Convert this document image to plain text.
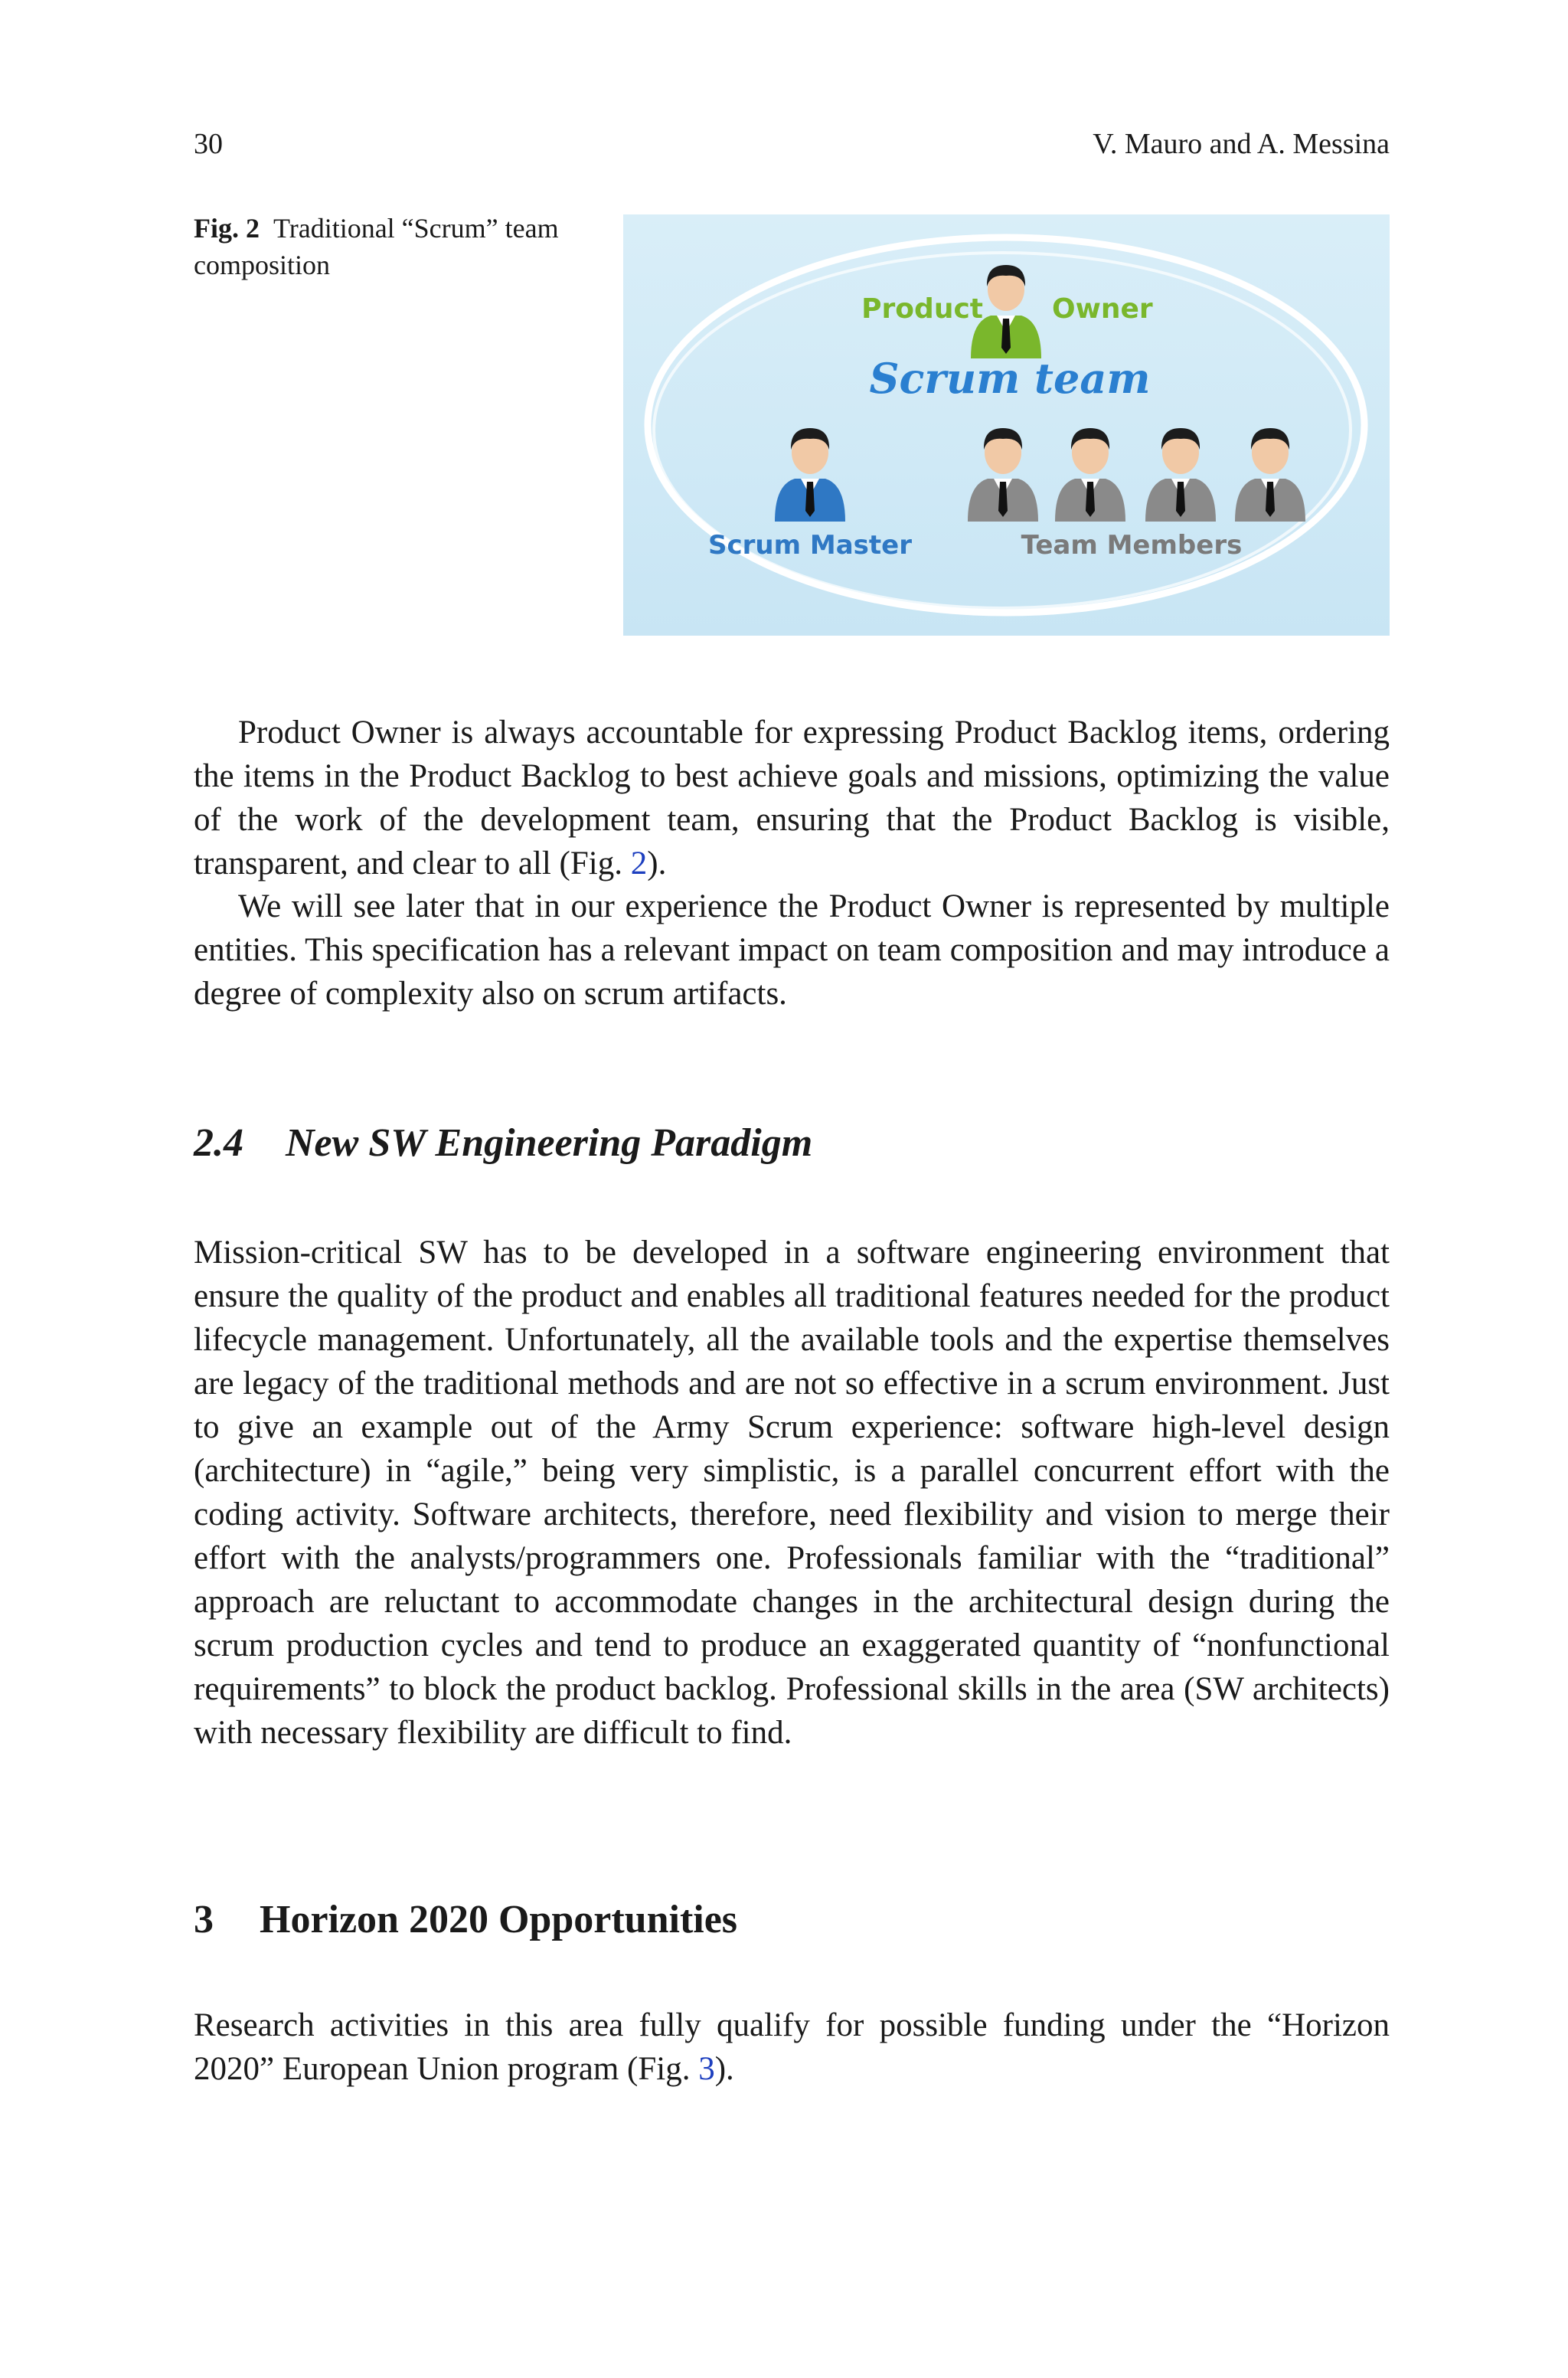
30	V. Mauro and A. Messina
Fig. 2 Traditional “Scrum” team composition
Product	Owner
Scrum team
Scrum Master	Team Members

Product Owner is always accountable for expressing Product Backlog items, ordering the items in the Product Backlog to best achieve goals and missions, optimizing the value of the work of the development team, ensuring that the Product Backlog is visible, transparent, and clear to all (Fig. 2).

We will see later that in our experience the Product Owner is represented by multiple entities. This specification has a relevant impact on team composition and may introduce a degree of complexity also on scrum artifacts.

2.4 New SW Engineering Paradigm

Mission-critical SW has to be developed in a software engineering environment that ensure the quality of the product and enables all traditional features needed for the product lifecycle management. Unfortunately, all the available tools and the expertise themselves are legacy of the traditional methods and are not so effective in a scrum environment. Just to give an example out of the Army Scrum experience: software high-level design (architecture) in “agile,” being very simplistic, is a parallel concurrent effort with the coding activity. Software architects, therefore, need flexibility and vision to merge their effort with the analysts/programmers one. Professionals familiar with the “traditional” approach are reluctant to accommodate changes in the architectural design during the scrum production cycles and tend to produce an exaggerated quantity of “nonfunctional requirements” to block the product backlog. Professional skills in the area (SW architects) with necessary flexibility are difficult to find.

3 Horizon 2020 Opportunities

Research activities in this area fully qualify for possible funding under the “Horizon 2020” European Union program (Fig. 3).
